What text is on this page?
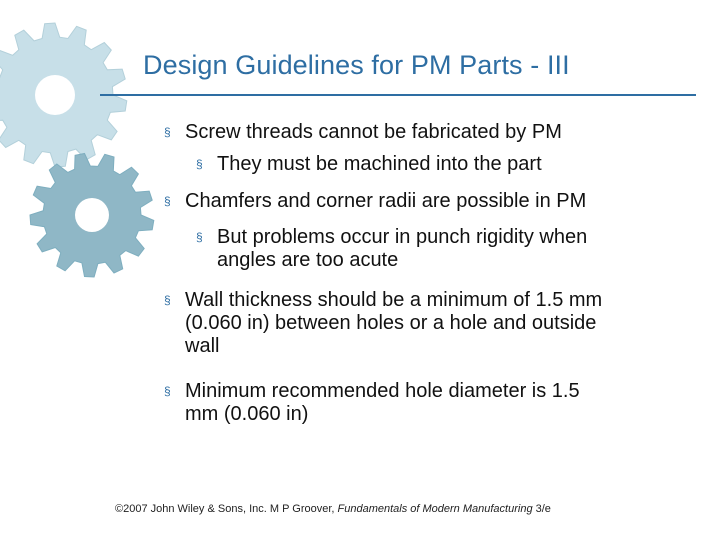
Design Guidelines for PM Parts - III
§ Screw threads cannot be fabricated by PM
§ They must be machined into the part
§ Chamfers and corner radii are possible in PM
§ But problems occur in punch rigidity when
angles are too acute
§ Wall thickness should be a minimum of 1.5 mm
(0.060 in) between holes or a hole and outside
wall
§ Minimum recommended hole diameter is 1.5
mm (0.060 in)
©2007 John Wiley & Sons, Inc. M P Groover, Fundamentals of Modern Manufacturing 3/e
